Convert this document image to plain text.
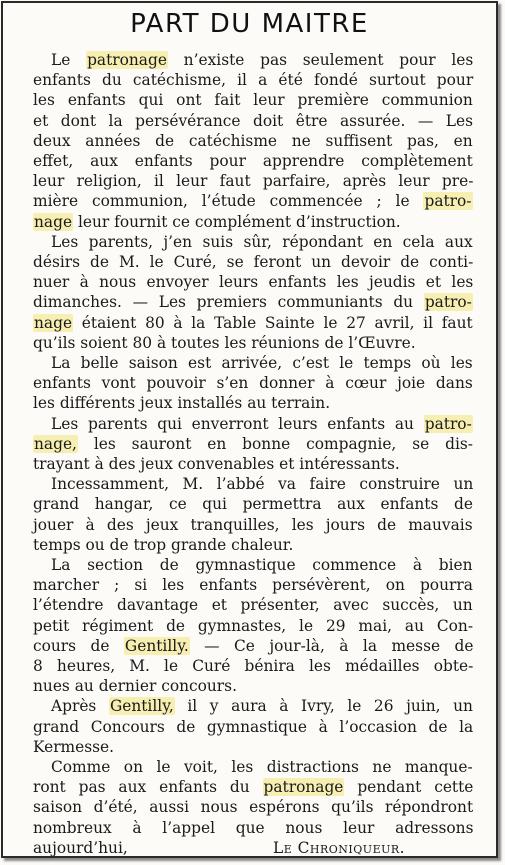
PART DU MAITRE
Le patronage n’existe pas seulement pour les
enfants du catéchisme, il a été fondé surtout pour
les enfants qui ont fait leur première communion
et dont la persévérance doit être assurée. — Les
deux années de catéchisme ne suffisent pas, en
effet, aux enfants pour apprendre complètement
leur religion, il leur faut parfaire, après leur pre-
mière communion, l’étude commencée ; le patro-
nage leur fournit ce complément d’instruction.
Les parents, j’en suis sûr, répondant en cela aux
désirs de M. le Curé, se feront un devoir de conti-
nuer à nous envoyer leurs enfants les jeudis et les
dimanches. — Les premiers communiants du patro-
nage étaient 80 à la Table Sainte le 27 avril, il faut
qu’ils soient 80 à toutes les réunions de l’Œuvre.
La belle saison est arrivée, c’est le temps où les
enfants vont pouvoir s’en donner à cœur joie dans
les différents jeux installés au terrain.
Les parents qui enverront leurs enfants au patro-
nage, les sauront en bonne compagnie, se dis-
trayant à des jeux convenables et intéressants.
Incessamment, M. l’abbé va faire construire un
grand hangar, ce qui permettra aux enfants de
jouer à des jeux tranquilles, les jours de mauvais
temps ou de trop grande chaleur.
La section de gymnastique commence à bien
marcher ; si les enfants persévèrent, on pourra
l’étendre davantage et présenter, avec succès, un
petit régiment de gymnastes, le 29 mai, au Con-
cours de Gentilly. — Ce jour-là, à la messe de
8 heures, M. le Curé bénira les médailles obte-
nues au dernier concours.
Après Gentilly, il y aura à Ivry, le 26 juin, un
grand Concours de gymnastique à l’occasion de la
Kermesse.
Comme on le voit, les distractions ne manque-
ront pas aux enfants du patronage pendant cette
saison d’été, aussi nous espérons qu’ils répondront
nombreux à l’appel que nous leur adressons
aujourd’hui,	Le Chroniqueur.
